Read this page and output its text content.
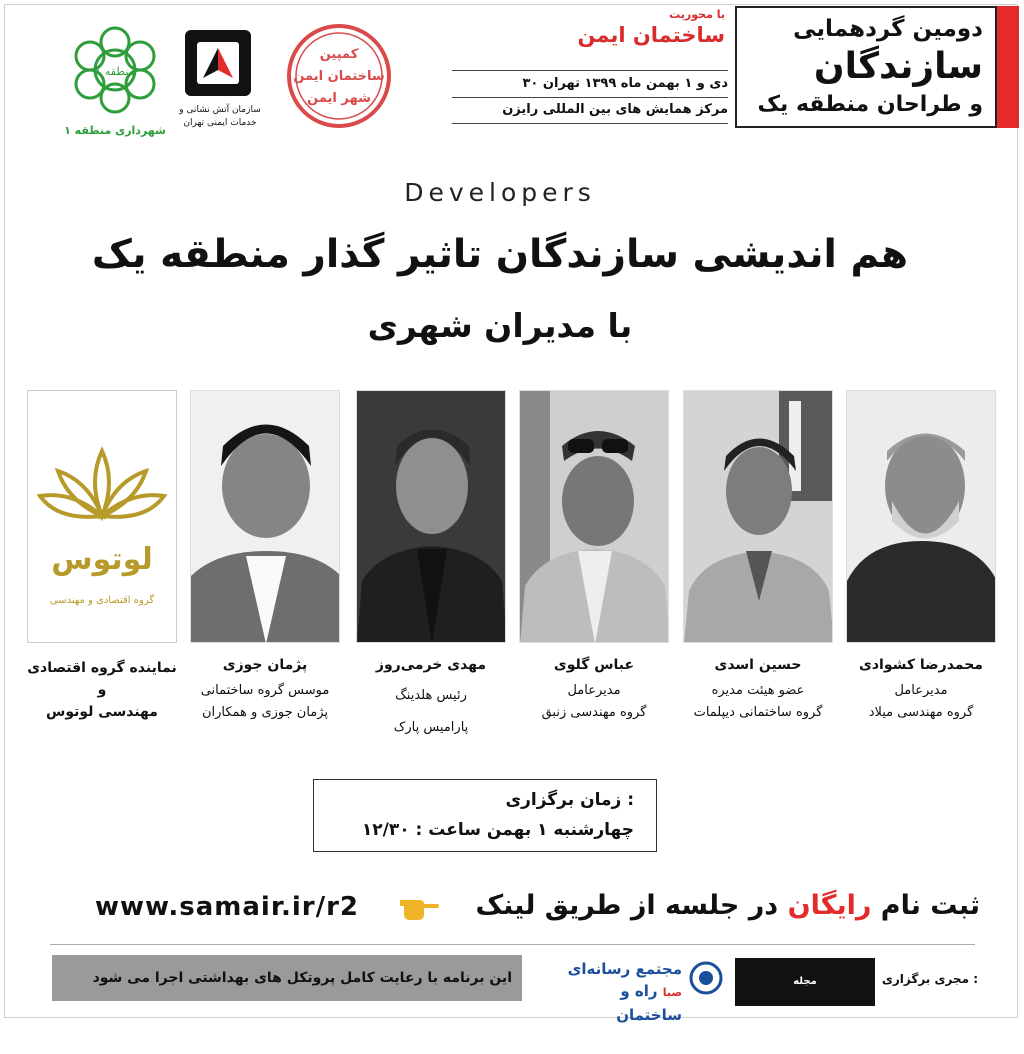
منطقه ۱
شهرداری منطقه ۱
سازمان آتش نشانی و
خدمات ایمنی تهران
کمپین
ساختمان ایمن
شهر ایمن
با محوریت
ساختمان ایمن
۳۰ دی و ۱ بهمن ماه ۱۳۹۹ تهران
مرکز همایش های بین المللی رایزن
دومین گردهمایی
سازندگان
و طراحان منطقه یک
Developers
هم اندیشی سازندگان تاثیر گذار منطقه یک
با مدیران شهری
لوتوس
گروه اقتصادی و مهندسی
محمدرضا کشوادی
مدیرعامل
گروه مهندسی میلاد
حسین اسدی
عضو هیئت مدیره
گروه ساختمانی دیپلمات
عباس گلوی
مدیرعامل
گروه مهندسی زنبق
مهدی خرمی‌روز
رئیس هلدینگ
پارامیس پارک
پژمان جوزی
موسس گروه ساختمانی
پژمان جوزی و همکاران
نماینده گروه اقتصادی و
مهندسی لوتوس
زمان برگزاری :
چهارشنبه ۱ بهمن ساعت : ۱۲/۳۰
ثبت نام رایگان در جلسه از طریق لینک
www.samair.ir/r2
این برنامه با رعایت کامل پروتکل های بهداشتی اجرا می شود	مجتمع رسانه‌ای
صبا راه و ساختمان
$^{مجله}$ ساختمان
مجری برگزاری :
